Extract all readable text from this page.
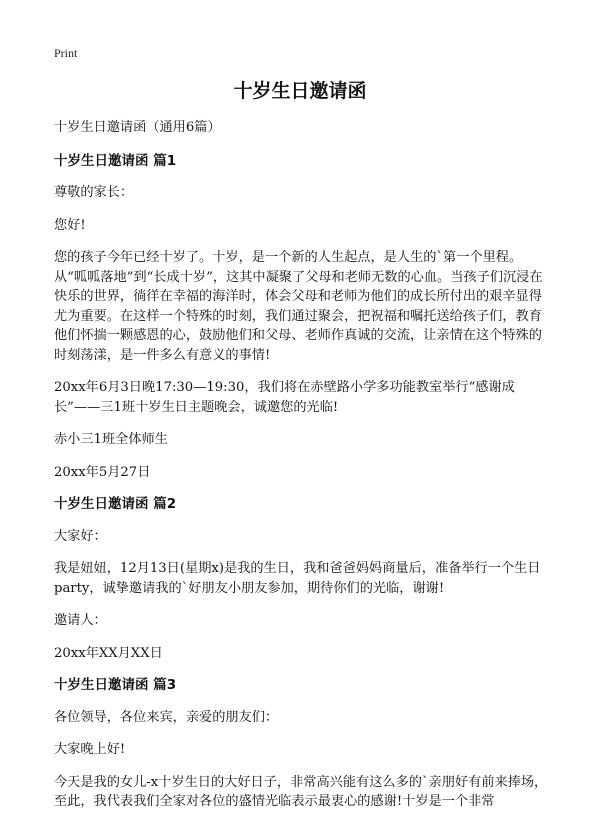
Print
十岁生日邀请函

十岁生日邀请函（通用6篇）

十岁生日邀请函 篇1

尊敬的家长：

您好!

您的孩子今年已经十岁了。十岁，是一个新的人生起点，是人生的`第一个里程。从“呱呱落地”到“长成十岁”，这其中凝聚了父母和老师无数的心血。当孩子们沉浸在快乐的世界，徜徉在幸福的海洋时，体会父母和老师为他们的成长所付出的艰辛显得尤为重要。在这样一个特殊的时刻，我们通过聚会，把祝福和嘱托送给孩子们，教育他们怀揣一颗感恩的心，鼓励他们和父母、老师作真诚的交流，让亲情在这个特殊的时刻荡漾，是一件多么有意义的事情!

20xx年6月3日晚17:30—19:30，我们将在赤壁路小学多功能教室举行“感谢成长”——三1班十岁生日主题晚会，诚邀您的光临!

赤小三1班全体师生

20xx年5月27日

十岁生日邀请函 篇2

大家好：

我是妞妞，12月13日(星期x)是我的生日，我和爸爸妈妈商量后，准备举行一个生日party，诚挚邀请我的`好朋友小朋友参加，期待你们的光临，谢谢!

邀请人：

20xx年XX月XX日

十岁生日邀请函 篇3

各位领导，各位来宾，亲爱的朋友们：

大家晚上好!

今天是我的女儿-x十岁生日的大好日子，非常高兴能有这么多的`亲朋好有前来捧场，至此，我代表我们全家对各位的盛情光临表示最衷心的感谢!十岁是一个非常
